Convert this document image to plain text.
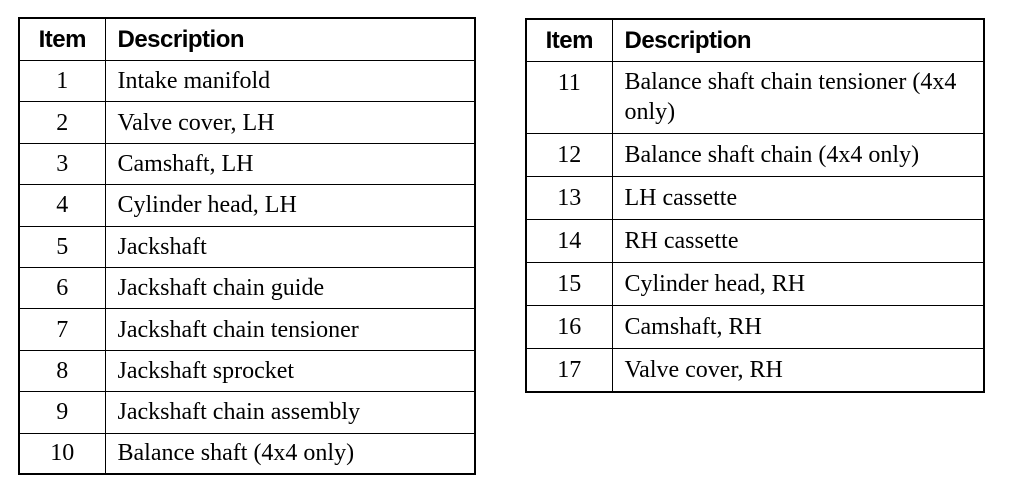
Item	Description
1	Intake manifold
2	Valve cover, LH
3	Camshaft, LH
4	Cylinder head, LH
5	Jackshaft
6	Jackshaft chain guide
7	Jackshaft chain tensioner
8	Jackshaft sprocket
9	Jackshaft chain assembly
10	Balance shaft (4x4 only)
Item	Description
11	Balance shaft chain tensioner (4x4 only)
12	Balance shaft chain (4x4 only)
13	LH cassette
14	RH cassette
15	Cylinder head, RH
16	Camshaft, RH
17	Valve cover, RH
